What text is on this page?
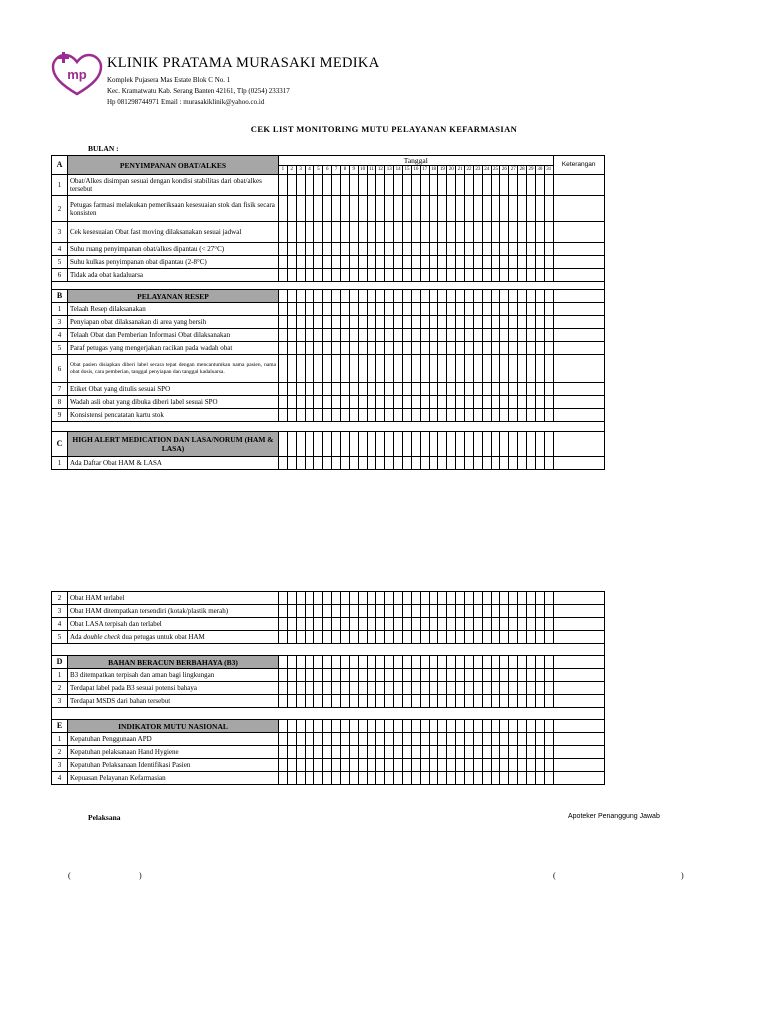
mp
KLINIK PRATAMA MURASAKI MEDIKA
Komplek Pujasera Mas Estate Blok C No. 1
Kec. Kramatwatu Kab. Serang Banten 42161, Tlp (0254) 233317
Hp 081298744971 Email : murasakiklinik@yahoo.co.id
CEK LIST MONITORING MUTU PELAYANAN KEFARMASIAN
BULAN :
A	PENYIMPANAN OBAT/ALKES	Tanggal																															Keterangan
		1	2	3	4	5	6	7	8	9	10	11	12	13	14	15	16	17	18	19	20	21	22	23	24	25	26	27	28	29	30	31	
1	Obat/Alkes disimpan sesuai dengan kondisi stabilitas dari obat/alkes tersebut																																
2	Petugas farmasi melakukan pemeriksaan kesesuaian stok dan fisik secara konsisten																																
3	Cek kesesuaian Obat fast moving dilaksanakan sesuai jadwal																																
4	Suhu ruang penyimpanan obat/alkes dipantau (< 27°C)																																
5	Suhu kulkas penyimpanan obat dipantau (2-8°C)																																
6	Tidak ada obat kadaluarsa																																

B	PELAYANAN RESEP																																
1	Telaah Resep dilaksanakan																																
3	Penyiapan obat dilaksanakan di area yang bersih																																
4	Telaah Obat dan Pemberian Informasi Obat dilaksanakan																																
5	Paraf petugas yang mengerjakan racikan pada wadah obat																																
6	Obat pasien disiapkan diberi label secara tepat dengan mencantumkan nama pasien, nama obat dosis, cara pemberian, tanggal penyiapan dan tanggal kadaluarsa.																																
7	Etiket Obat yang ditulis sesuai SPO																																
8	Wadah asli obat yang dibuka diberi label sesuai SPO																																
9	Konsistensi pencatatan kartu stok																																

C	HIGH ALERT MEDICATION DAN LASA/NORUM (HAM & LASA)																																
1	Ada Daftar Obat HAM & LASA																																
2	Obat HAM terlabel																																
3	Obat HAM ditempatkan tersendiri (kotak/plastik merah)																																
4	Obat LASA terpisah dan terlabel																																
5	Ada double check dua petugas untuk obat HAM																																

D	BAHAN BERACUN BERBAHAYA (B3)																																
1	B3 ditempatkan terpisah dan aman bagi lingkungan																																
2	Terdapat label pada B3 sesuai potensi bahaya																																
3	Terdapat MSDS dari bahan tersebut																																

E	INDIKATOR MUTU NASIONAL																																
1	Kepatuhan Penggunaan APD																																
2	Kepatuhan pelaksanaan Hand Hygiene																																
3	Kepatuhan Pelaksanaan Identifikasi Pasien																																
4	Kepuasan Pelayanan Kefarmasian																																
Pelaksana	Apoteker Penanggung Jawab
(	)	(	)
